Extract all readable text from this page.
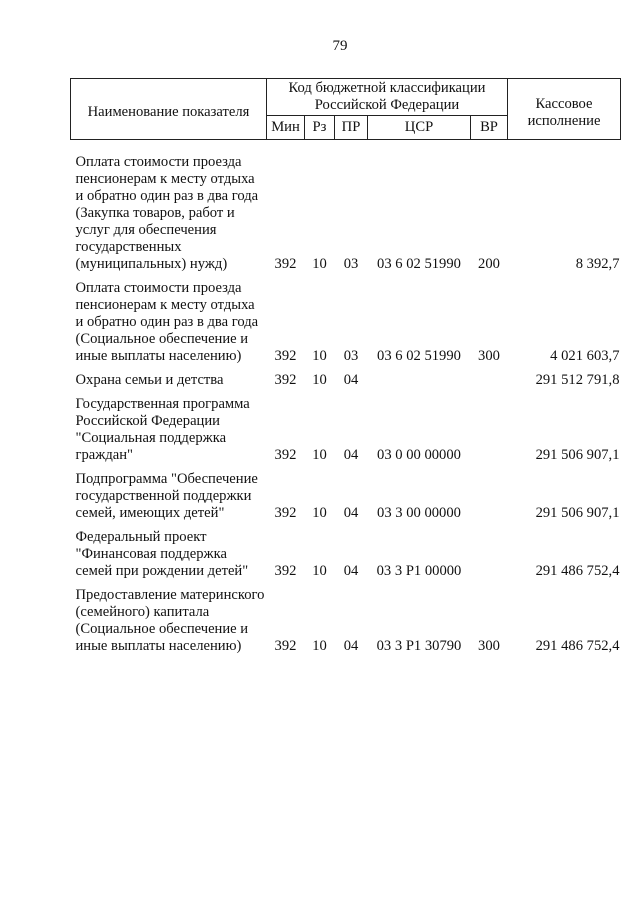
79
Наименование показателя	Код бюджетной классификации Российской Федерации					Кассовое исполнение
	Мин	Рз	ПР	ЦСР	ВР	
Оплата стоимости проезда пенсионерам к месту отдыха и обратно один раз в два года (Закупка товаров, работ и услуг для обеспечения государственных (муниципальных) нужд)	392	10	03	03 6 02 51990	200	8 392,7
Оплата стоимости проезда пенсионерам к месту отдыха и обратно один раз в два года (Социальное обеспечение и иные выплаты населению)	392	10	03	03 6 02 51990	300	4 021 603,7
Охрана семьи и детства	392	10	04			291 512 791,8
Государственная программа Российской Федерации "Социальная поддержка граждан"	392	10	04	03 0 00 00000		291 506 907,1
Подпрограмма "Обеспечение государственной поддержки семей, имеющих детей"	392	10	04	03 3 00 00000		291 506 907,1
Федеральный проект "Финансовая поддержка семей при рождении детей"	392	10	04	03 3 Р1 00000		291 486 752,4
Предоставление материнского (семейного) капитала (Социальное обеспечение и иные выплаты населению)	392	10	04	03 3 Р1 30790	300	291 486 752,4
